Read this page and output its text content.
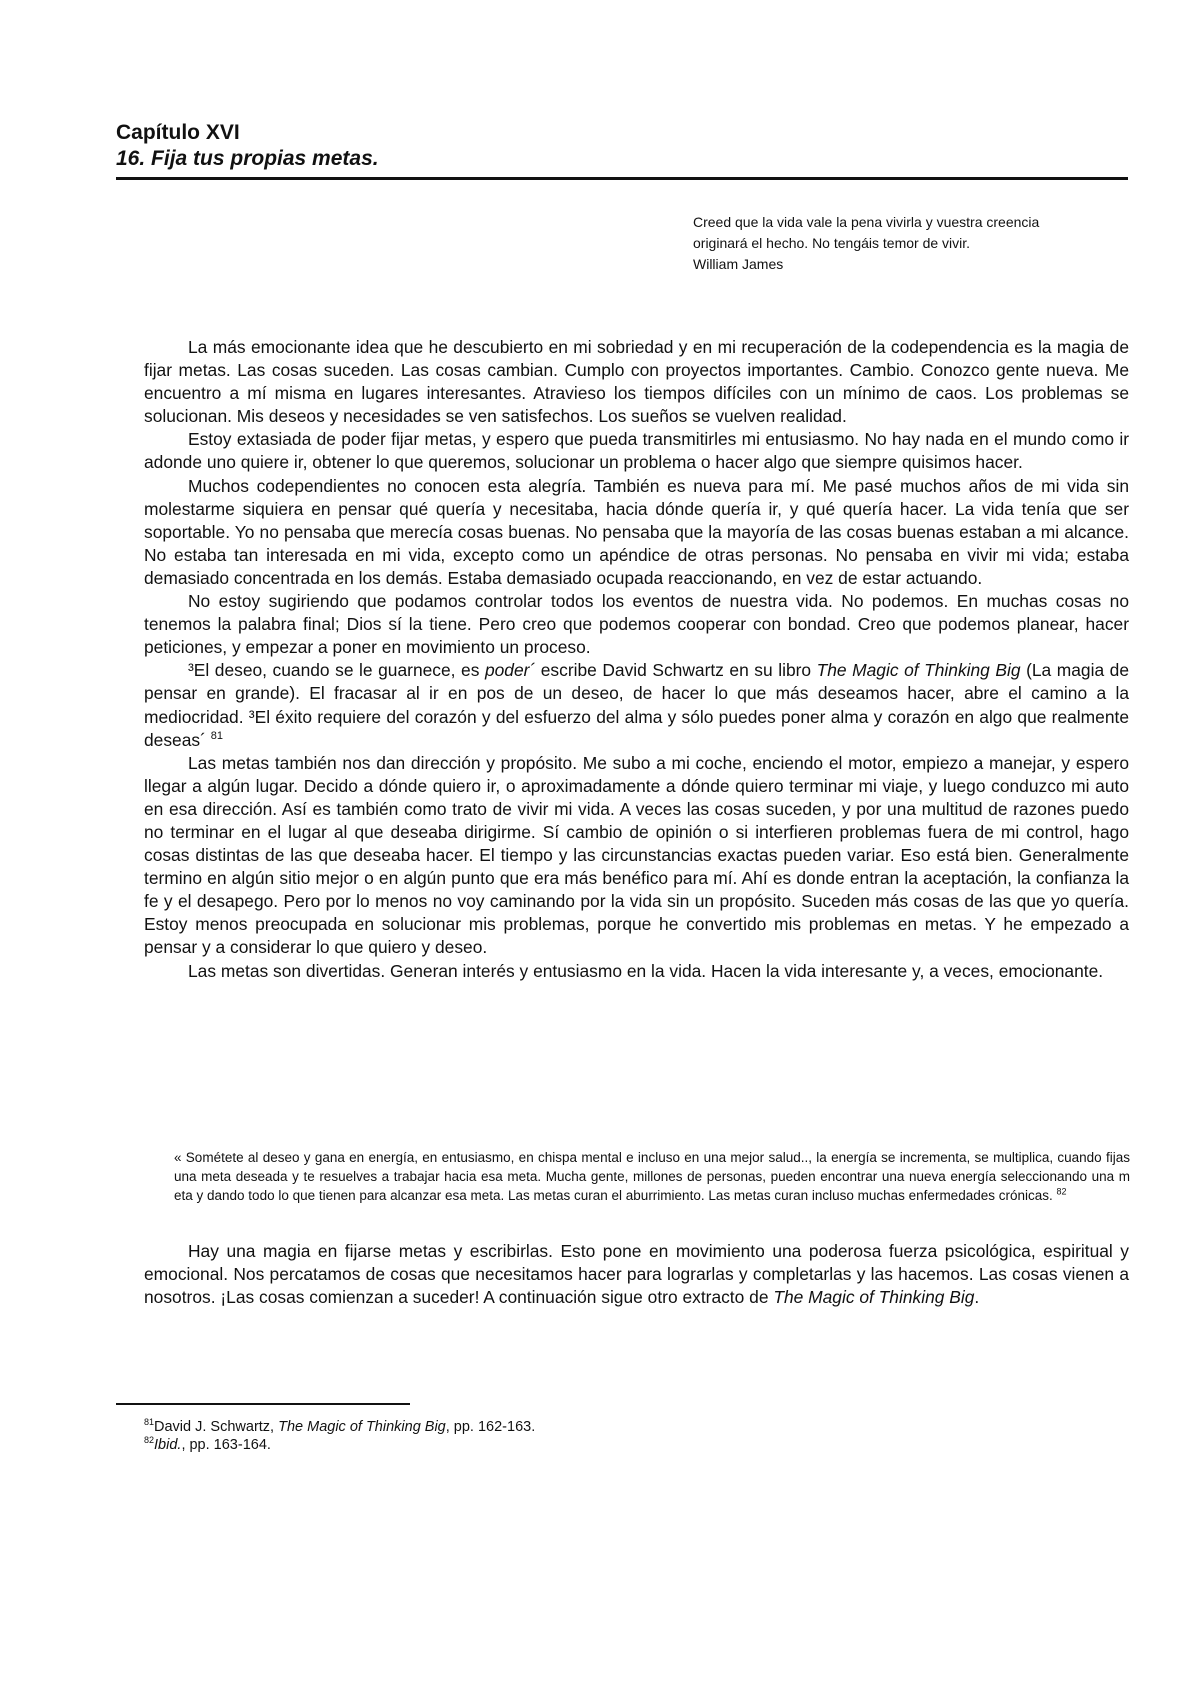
Capítulo XVI

16. Fija tus propias metas.

Creed que la vida vale la pena vivirla y vuestra creencia

originará el hecho. No tengáis temor de vivir.

William James

La más emocionante idea que he descubierto en mi sobriedad y en mi recuperación de la codependencia es la magia de fijar metas. Las cosas suceden. Las cosas cambian. Cumplo con proyectos importantes. Cambio. Conozco gente nueva. Me encuentro a mí misma en lugares interesantes. Atravieso los tiempos difíciles con un mínimo de caos. Los problemas se solucionan. Mis deseos y necesidades se ven satisfechos. Los sueños se vuelven realidad.

Estoy extasiada de poder fijar metas, y espero que pueda transmitirles mi entusiasmo. No hay nada en el mundo como ir adonde uno quiere ir, obtener lo que queremos, solucionar un problema o hacer algo que siempre quisimos hacer.

Muchos codependientes no conocen esta alegría. También es nueva para mí. Me pasé muchos años de mi vida sin molestarme siquiera en pensar qué quería y necesitaba, hacia dónde quería ir, y qué quería hacer. La vida tenía que ser soportable. Yo no pensaba que merecía cosas buenas. No pensaba que la mayoría de las cosas buenas estaban a mi alcance. No estaba tan interesada en mi vida, excepto como un apéndice de otras personas. No pensaba en vivir mi vida; estaba demasiado concentrada en los demás. Estaba demasiado ocupada reaccionando, en vez de estar actuando.

No estoy sugiriendo que podamos controlar todos los eventos de nuestra vida. No podemos. En muchas cosas no tenemos la palabra final; Dios sí la tiene. Pero creo que podemos cooperar con bondad. Creo que podemos planear, hacer peticiones, y empezar a poner en movimiento un proceso.

³El deseo, cuando se le guarnece, es poder´ escribe David Schwartz en su libro The Magic of Thinking Big (La magia de pensar en grande). El fracasar al ir en pos de un deseo, de hacer lo que más deseamos hacer, abre el camino a la mediocridad. ³El éxito requiere del corazón y del esfuerzo del alma y sólo puedes poner alma y corazón en algo que realmente deseas´ $^{81}$

Las metas también nos dan dirección y propósito. Me subo a mi coche, enciendo el motor, empiezo a manejar, y espero llegar a algún lugar. Decido a dónde quiero ir, o aproximadamente a dónde quiero terminar mi viaje, y luego conduzco mi auto en esa dirección. Así es también como trato de vivir mi vida. A veces las cosas suceden, y por una multitud de razones puedo no terminar en el lugar al que deseaba dirigirme. Sí cambio de opinión o si interfieren problemas fuera de mi control, hago cosas distintas de las que deseaba hacer. El tiempo y las circunstancias exactas pueden variar. Eso está bien. Generalmente termino en algún sitio mejor o en algún punto que era más benéfico para mí. Ahí es donde entran la aceptación, la confianza la fe y el desapego. Pero por lo menos no voy caminando por la vida sin un propósito. Suceden más cosas de las que yo quería. Estoy menos preocupada en solucionar mis problemas, porque he convertido mis problemas en metas. Y he empezado a pensar y a considerar lo que quiero y deseo.

Las metas son divertidas. Generan interés y entusiasmo en la vida. Hacen la vida interesante y, a veces, emocionante.

« Sométete al deseo y gana en energía, en entusiasmo, en chispa mental e incluso en una mejor salud.., la energía se incrementa, se multiplica, cuando fijas una meta deseada y te resuelves a trabajar hacia esa meta. Mucha gente, millones de personas, pueden encontrar una nueva energía seleccionando una m eta y dando todo lo que tienen para alcanzar esa meta. Las metas curan el aburrimiento. Las metas curan incluso muchas enfermedades crónicas. $^{82}$

Hay una magia en fijarse metas y escribirlas. Esto pone en movimiento una poderosa fuerza psicológica, espiritual y emocional. Nos percatamos de cosas que necesitamos hacer para lograrlas y completarlas y las hacemos. Las cosas vienen a nosotros. ¡Las cosas comienzan a suceder! A continuación sigue otro extracto de The Magic of Thinking Big.

$^{81}$David J. Schwartz, The Magic of Thinking Big, pp. 162-163.

$^{82}$Ibid., pp. 163-164.
